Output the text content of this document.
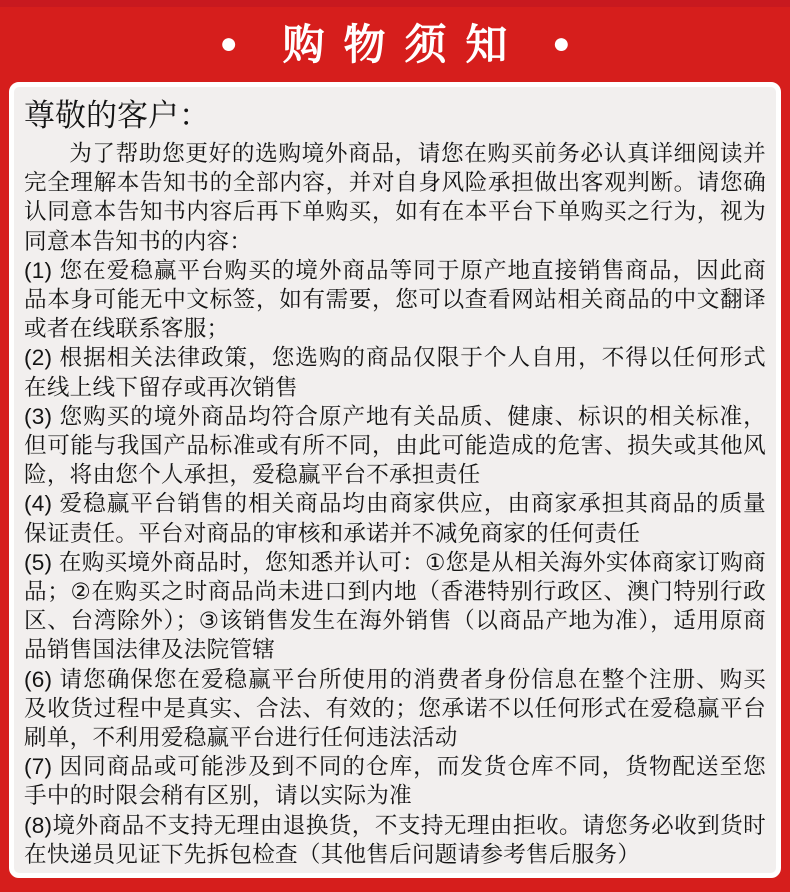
●	购物须知 ●
尊敬的客户：

为了帮助您更好的选购境外商品，请您在购买前务必认真详细阅读并完全理解本告知书的全部内容，并对自身风险承担做出客观判断。请您确认同意本告知书内容后再下单购买，如有在本平台下单购买之行为，视为同意本告知书的内容：

(1) 您在爱稳赢平台购买的境外商品等同于原产地直接销售商品，因此商品本身可能无中文标签，如有需要，您可以查看网站相关商品的中文翻译或者在线联系客服；

(2) 根据相关法律政策，您选购的商品仅限于个人自用，不得以任何形式在线上线下留存或再次销售

(3) 您购买的境外商品均符合原产地有关品质、健康、标识的相关标准，但可能与我国产品标准或有所不同，由此可能造成的危害、损失或其他风险，将由您个人承担，爱稳赢平台不承担责任

(4) 爱稳赢平台销售的相关商品均由商家供应，由商家承担其商品的质量保证责任。平台对商品的审核和承诺并不减免商家的任何责任

(5) 在购买境外商品时，您知悉并认可：①您是从相关海外实体商家订购商品；②在购买之时商品尚未进口到内地（香港特别行政区、澳门特别行政区、台湾除外）；③该销售发生在海外销售（以商品产地为准），适用原商品销售国法律及法院管辖

(6) 请您确保您在爱稳赢平台所使用的消费者身份信息在整个注册、购买及收货过程中是真实、合法、有效的；您承诺不以任何形式在爱稳赢平台刷单，不利用爱稳赢平台进行任何违法活动

(7) 因同商品或可能涉及到不同的仓库，而发货仓库不同，货物配送至您手中的时限会稍有区别，请以实际为准

(8)境外商品不支持无理由退换货，不支持无理由拒收。请您务必收到货时在快递员见证下先拆包检查（其他售后问题请参考售后服务）
